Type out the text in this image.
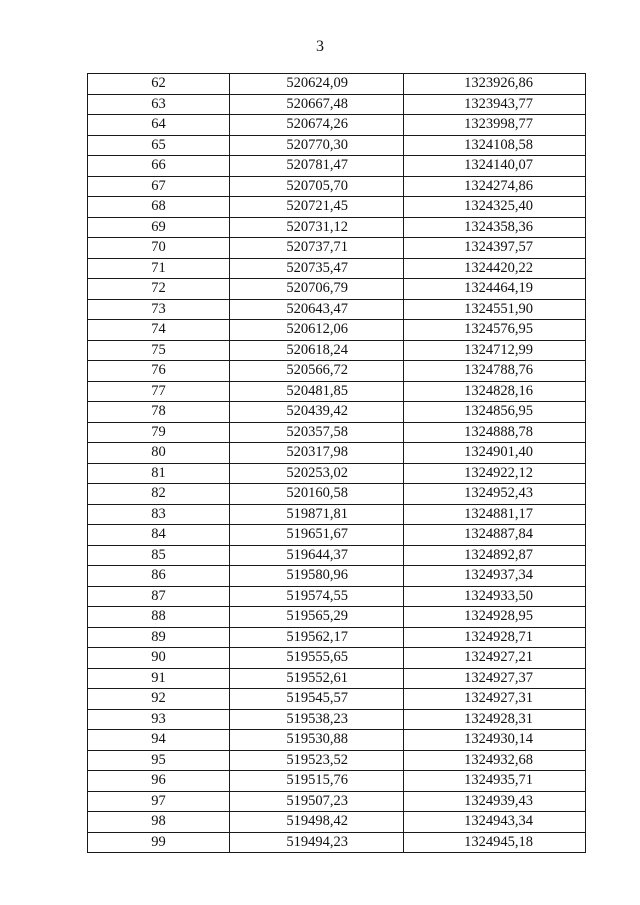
3
62	520624,09	1323926,86
63	520667,48	1323943,77
64	520674,26	1323998,77
65	520770,30	1324108,58
66	520781,47	1324140,07
67	520705,70	1324274,86
68	520721,45	1324325,40
69	520731,12	1324358,36
70	520737,71	1324397,57
71	520735,47	1324420,22
72	520706,79	1324464,19
73	520643,47	1324551,90
74	520612,06	1324576,95
75	520618,24	1324712,99
76	520566,72	1324788,76
77	520481,85	1324828,16
78	520439,42	1324856,95
79	520357,58	1324888,78
80	520317,98	1324901,40
81	520253,02	1324922,12
82	520160,58	1324952,43
83	519871,81	1324881,17
84	519651,67	1324887,84
85	519644,37	1324892,87
86	519580,96	1324937,34
87	519574,55	1324933,50
88	519565,29	1324928,95
89	519562,17	1324928,71
90	519555,65	1324927,21
91	519552,61	1324927,37
92	519545,57	1324927,31
93	519538,23	1324928,31
94	519530,88	1324930,14
95	519523,52	1324932,68
96	519515,76	1324935,71
97	519507,23	1324939,43
98	519498,42	1324943,34
99	519494,23	1324945,18
